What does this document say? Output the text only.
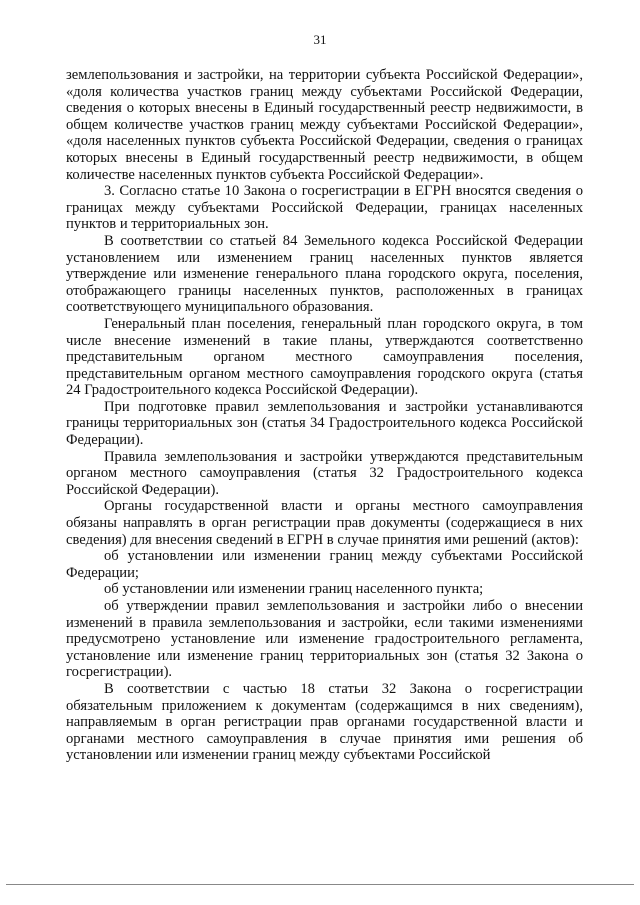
31

землепользования и застройки, на территории субъекта Российской Федерации», «доля количества участков границ между субъектами Российской Федерации, сведения о которых внесены в Единый государственный реестр недвижимости, в общем количестве участков границ между субъектами Российской Федерации», «доля населенных пунктов субъекта Российской Федерации, сведения о границах которых внесены в Единый государственный реестр недвижимости, в общем количестве населенных пунктов субъекта Российской Федерации».

3. Согласно статье 10 Закона о госрегистрации в ЕГРН вносятся сведения о границах между субъектами Российской Федерации, границах населенных пунктов и территориальных зон.

В соответствии со статьей 84 Земельного кодекса Российской Федерации установлением или изменением границ населенных пунктов является утверждение или изменение генерального плана городского округа, поселения, отображающего границы населенных пунктов, расположенных в границах соответствующего муниципального образования.

Генеральный план поселения, генеральный план городского округа, в том числе внесение изменений в такие планы, утверждаются соответственно представительным органом местного самоуправления поселения, представительным органом местного самоуправления городского округа (статья 24 Градостроительного кодекса Российской Федерации).

При подготовке правил землепользования и застройки устанавливаются границы территориальных зон (статья 34 Градостроительного кодекса Российской Федерации).

Правила землепользования и застройки утверждаются представительным органом местного самоуправления (статья 32 Градостроительного кодекса Российской Федерации).

Органы государственной власти и органы местного самоуправления обязаны направлять в орган регистрации прав документы (содержащиеся в них сведения) для внесения сведений в ЕГРН в случае принятия ими решений (актов):

об установлении или изменении границ между субъектами Российской Федерации;

об установлении или изменении границ населенного пункта;

об утверждении правил землепользования и застройки либо о внесении изменений в правила землепользования и застройки, если такими изменениями предусмотрено установление или изменение градостроительного регламента, установление или изменение границ территориальных зон (статья 32 Закона о госрегистрации).

В соответствии с частью 18 статьи 32 Закона о госрегистрации обязательным приложением к документам (содержащимся в них сведениям), направляемым в орган регистрации прав органами государственной власти и органами местного самоуправления в случае принятия ими решения об установлении или изменении границ между субъектами Российской
